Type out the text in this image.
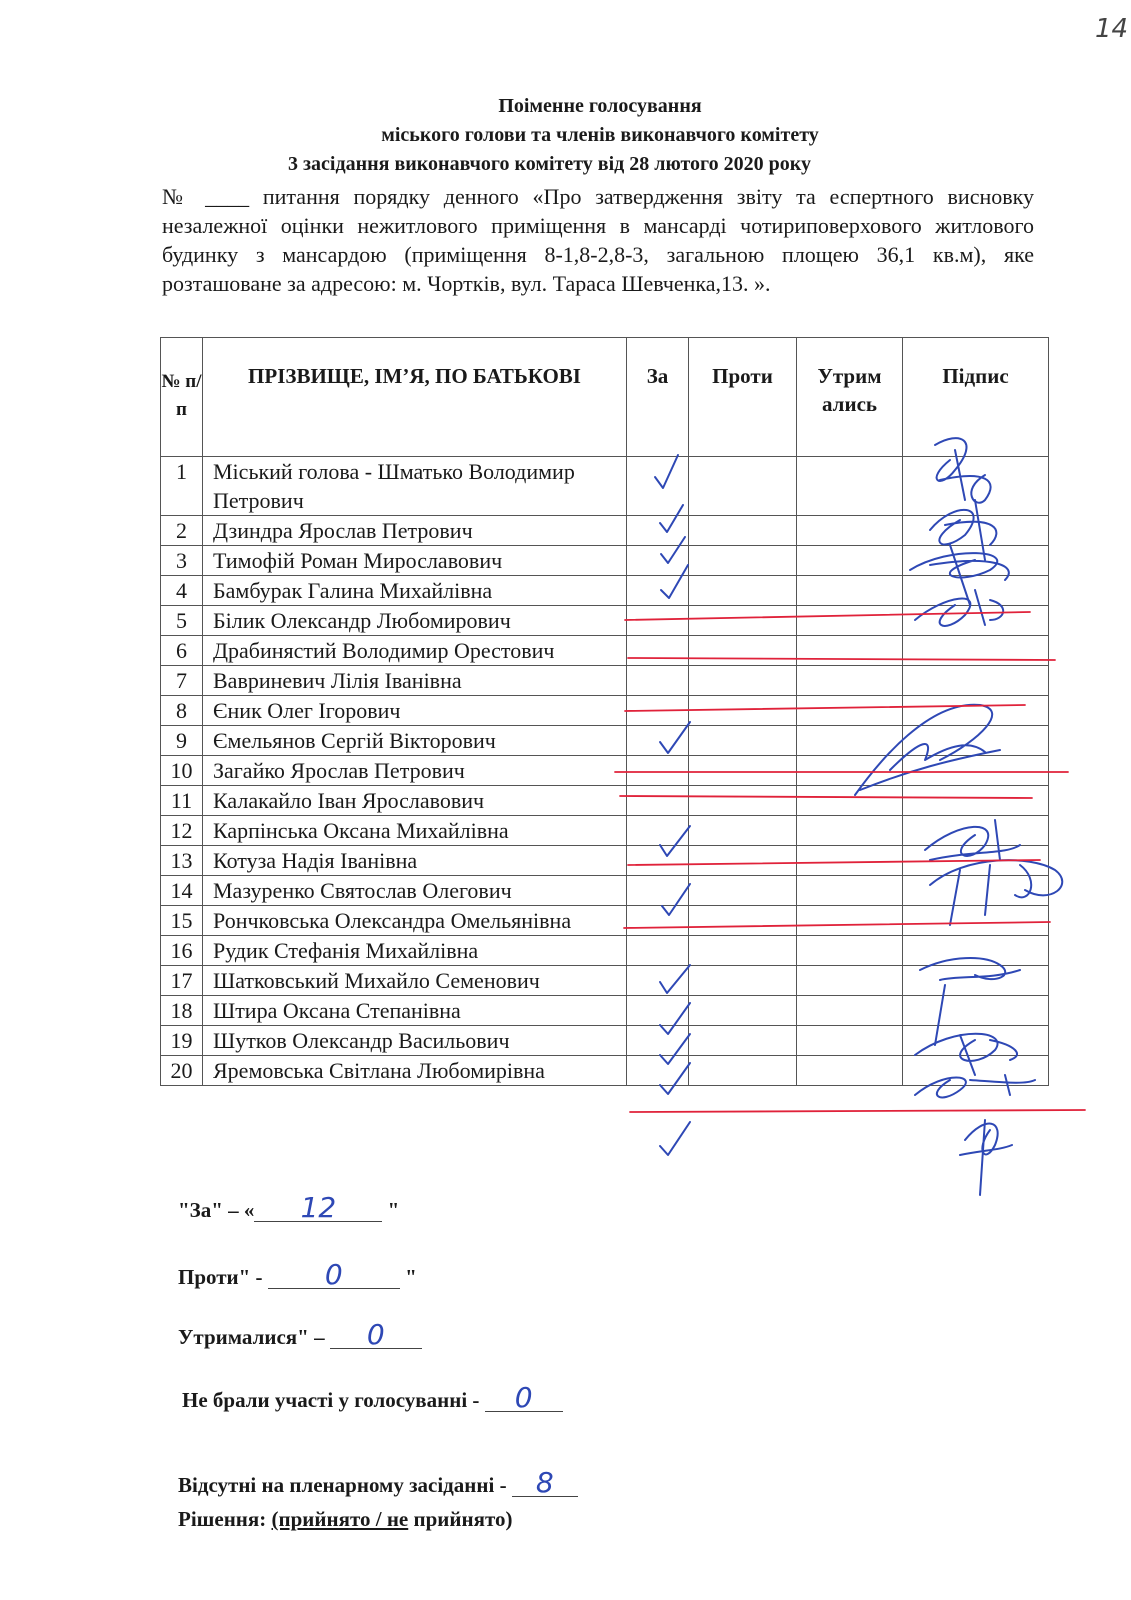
14
Поіменне голосування
міського голови та членів виконавчого комітету
3 засідання виконавчого комітету від 28 лютого 2020 року
№ ____ питання порядку денного «Про затвердження звіту та еспертного висновку незалежної оцінки нежитлового приміщення в мансарді чотириповерхового житлового будинку з мансардою (приміщення 8-1,8-2,8-3, загальною площею 36,1 кв.м), яке розташоване за адресою: м. Чортків, вул. Тараса Шевченка,13. ».
№ п/п	ПРІЗВИЩЕ, ІМ’Я, ПО БАТЬКОВІ	За	Проти	Утрим ались	Підпис
1	Міський голова - Шматько Володимир Петрович				
2	Дзиндра Ярослав Петрович				
3	Тимофій Роман Мирославович				
4	Бамбурак Галина Михайлівна				
5	Білик Олександр Любомирович				
6	Драбинястий Володимир Орестович				
7	Вавриневич Лілія Іванівна				
8	Єник Олег Ігорович				
9	Ємельянов Сергій Вікторович				
10	Загайко Ярослав Петрович				
11	Калакайло Іван Ярославович				
12	Карпінська Оксана Михайлівна				
13	Котуза Надія Іванівна				
14	Мазуренко Святослав Олегович				
15	Рончковська Олександра Омельянівна				
16	Рудик Стефанія Михайлівна				
17	Шатковський Михайло Семенович				
18	Штира Оксана Степанівна				
19	Шутков Олександр Васильович				
20	Яремовська Світлана Любомирівна				
"За" – « 12 "
Проти" - 0	"
Утрималися" – 0
Не брали участі у голосуванні - 0
Відсутні на пленарному засіданні - 8
Рішення: (прийнято / не прийнято)
